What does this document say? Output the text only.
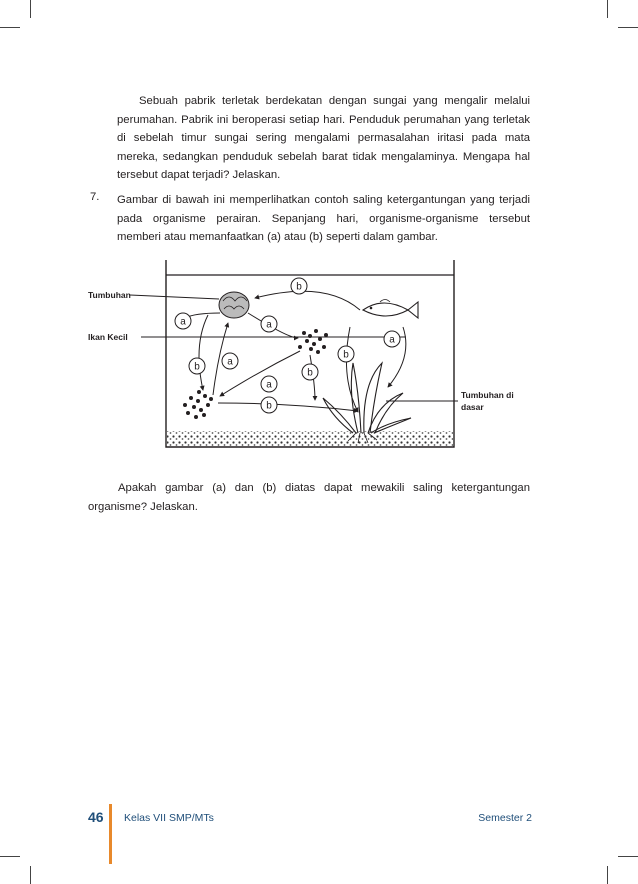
Sebuah pabrik terletak berdekatan dengan sungai yang mengalir melalui perumahan. Pabrik ini beroperasi setiap hari. Penduduk perumahan yang terletak di sebelah timur sungai sering mengalami permasalahan iritasi pada mata mereka, sedangkan penduduk sebelah barat tidak mengalaminya. Mengapa hal tersebut dapat terjadi? Jelaskan.

7. Gambar di bawah ini memperlihatkan contoh saling ketergantungan yang terjadi pada organisme perairan. Sepanjang hari, organisme-organisme tersebut memberi atau memanfaatkan (a) atau (b) seperti dalam gambar.

Tumbuhan
Ikan Kecil
Tumbuhan di
dasar
b
a	a
b	a
a
b
b
b
a

Apakah gambar (a) dan (b) diatas dapat mewakili saling ketergantungan organisme? Jelaskan.

46 Kelas VII SMP/MTs	Semester 2
